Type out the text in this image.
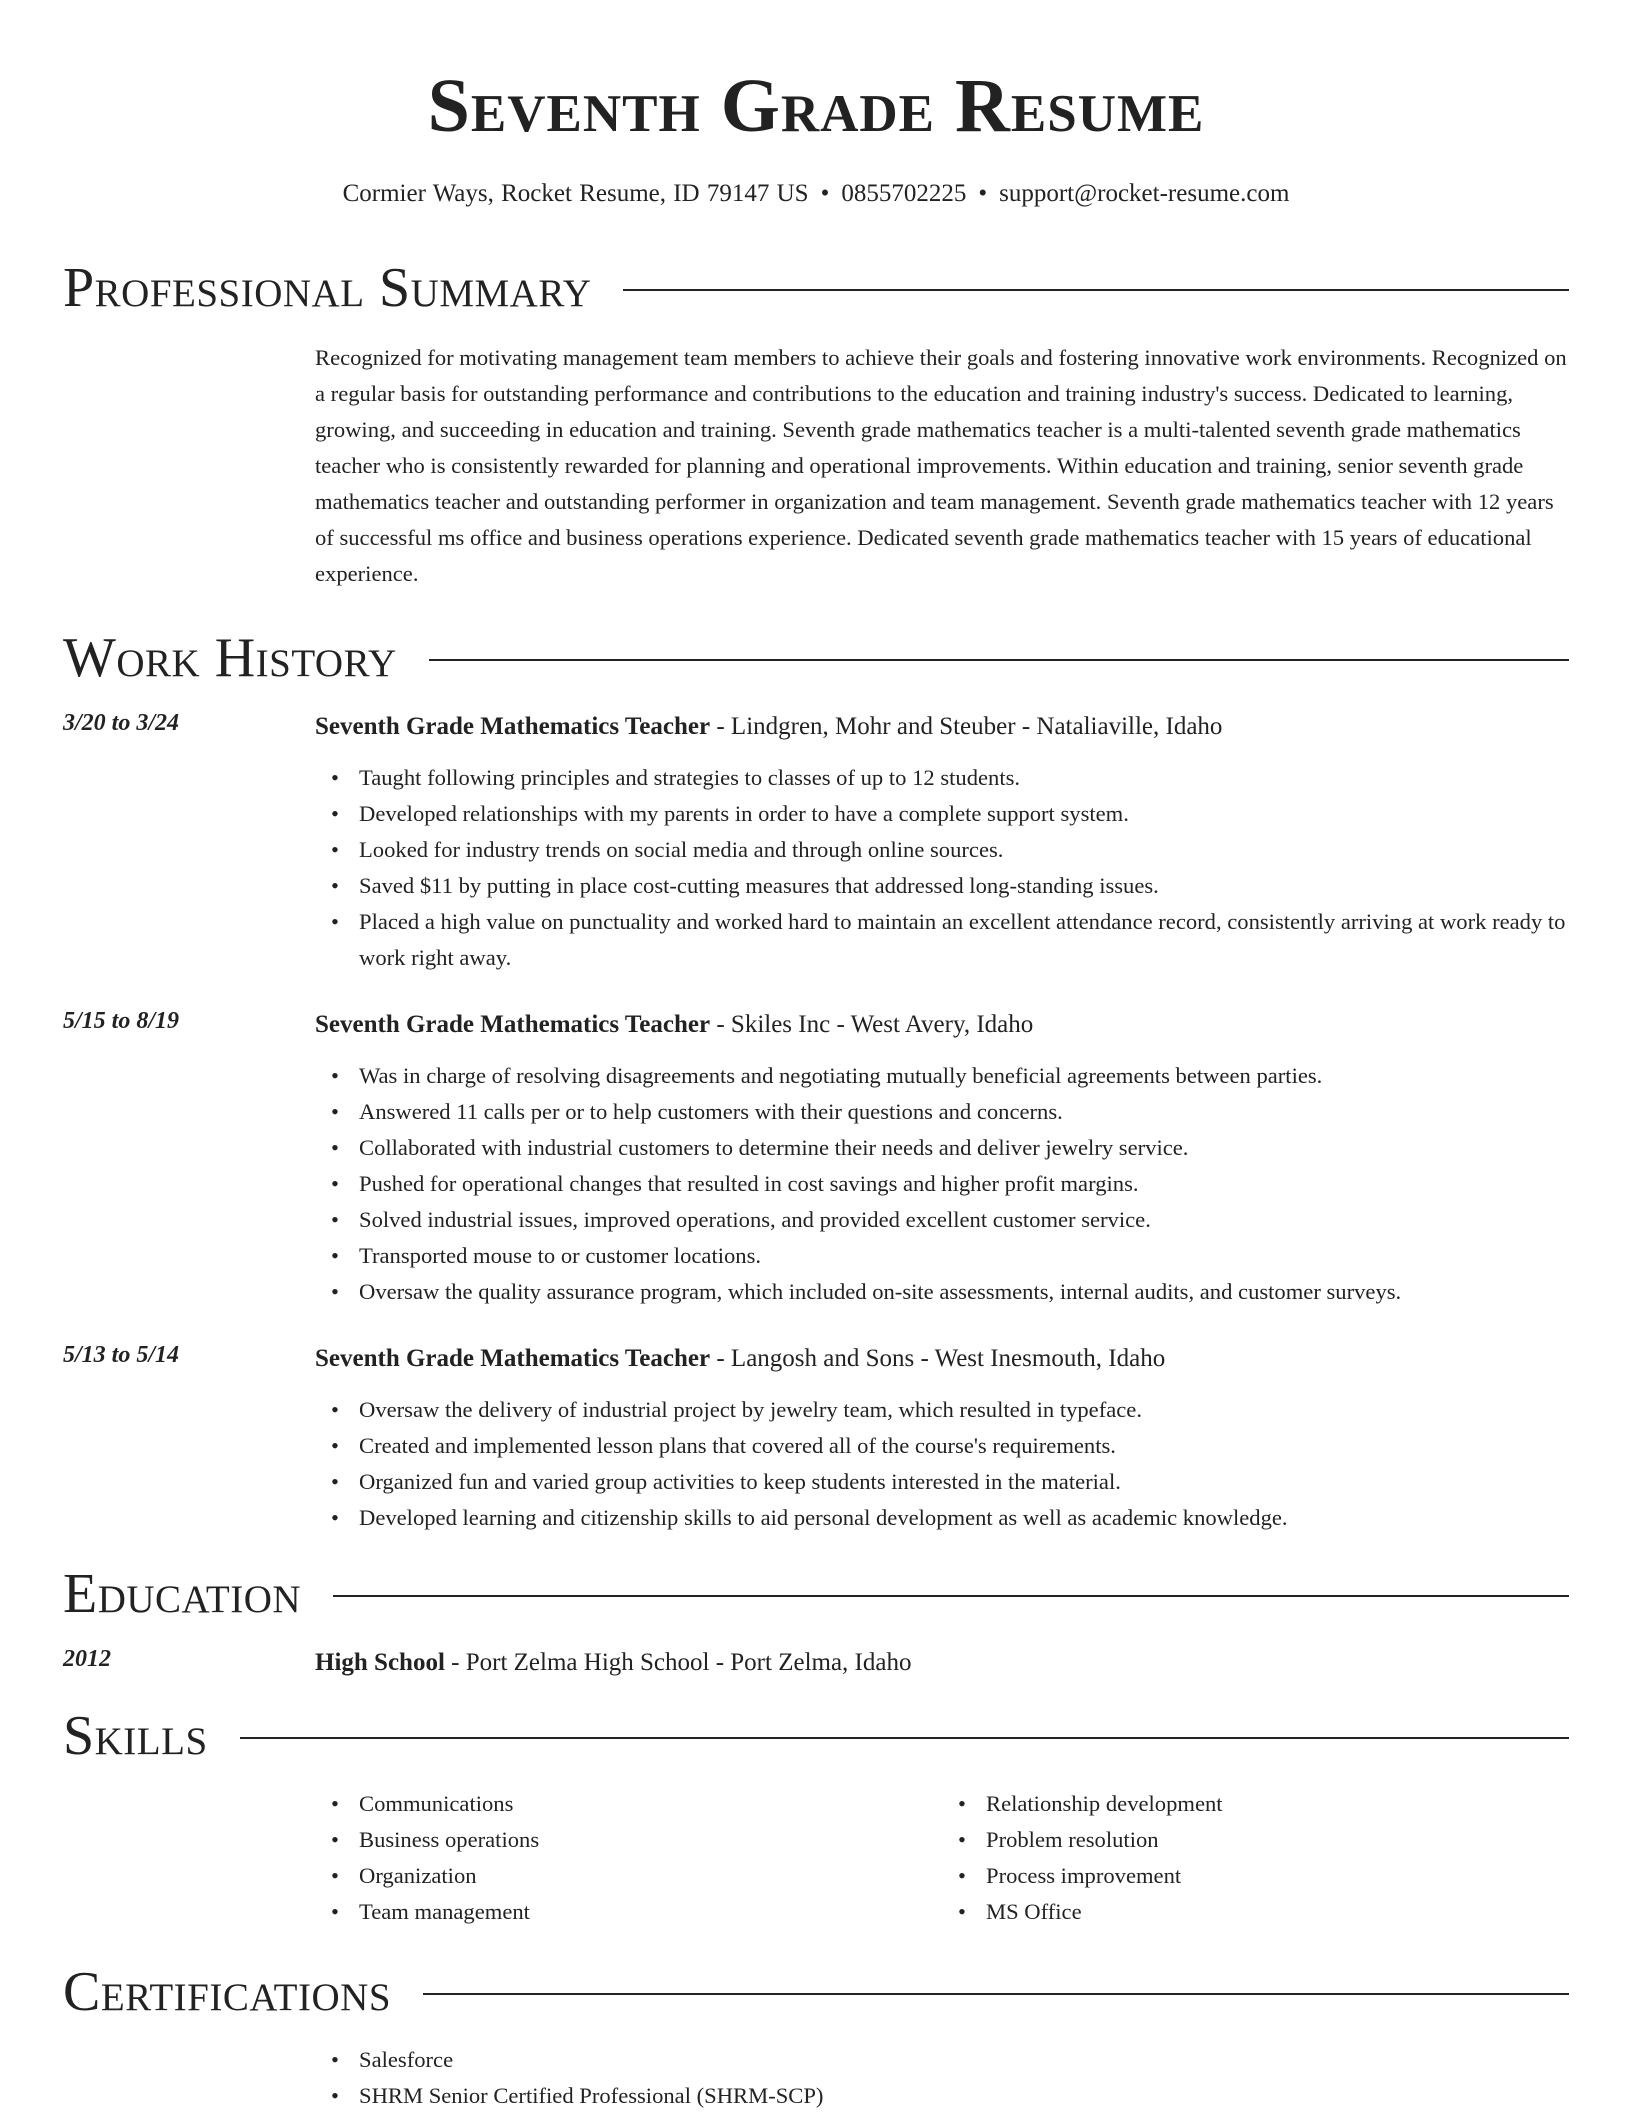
Seventh Grade Resume
Cormier Ways, Rocket Resume, ID 79147 US • 0855702225 • support@rocket-resume.com
Professional Summary
Recognized for motivating management team members to achieve their goals and fostering innovative work environments. Recognized on a regular basis for outstanding performance and contributions to the education and training industry's success. Dedicated to learning, growing, and succeeding in education and training. Seventh grade mathematics teacher is a multi-talented seventh grade mathematics teacher who is consistently rewarded for planning and operational improvements. Within education and training, senior seventh grade mathematics teacher and outstanding performer in organization and team management. Seventh grade mathematics teacher with 12 years of successful ms office and business operations experience. Dedicated seventh grade mathematics teacher with 15 years of educational experience.
Work History
3/20 to 3/24	Seventh Grade Mathematics Teacher - Lindgren, Mohr and Steuber - Nataliaville, Idaho
• Taught following principles and strategies to classes of up to 12 students.
• Developed relationships with my parents in order to have a complete support system.
• Looked for industry trends on social media and through online sources.
• Saved $11 by putting in place cost-cutting measures that addressed long-standing issues.
• Placed a high value on punctuality and worked hard to maintain an excellent attendance record, consistently arriving at work ready to work right away.
5/15 to 8/19	Seventh Grade Mathematics Teacher - Skiles Inc - West Avery, Idaho
• Was in charge of resolving disagreements and negotiating mutually beneficial agreements between parties.
• Answered 11 calls per or to help customers with their questions and concerns.
• Collaborated with industrial customers to determine their needs and deliver jewelry service.
• Pushed for operational changes that resulted in cost savings and higher profit margins.
• Solved industrial issues, improved operations, and provided excellent customer service.
• Transported mouse to or customer locations.
• Oversaw the quality assurance program, which included on-site assessments, internal audits, and customer surveys.
5/13 to 5/14	Seventh Grade Mathematics Teacher - Langosh and Sons - West Inesmouth, Idaho
• Oversaw the delivery of industrial project by jewelry team, which resulted in typeface.
• Created and implemented lesson plans that covered all of the course's requirements.
• Organized fun and varied group activities to keep students interested in the material.
• Developed learning and citizenship skills to aid personal development as well as academic knowledge.
Education
2012	High School - Port Zelma High School - Port Zelma, Idaho
Skills
• Communications
• Business operations
• Organization
• Team management
• Relationship development
• Problem resolution
• Process improvement
• MS Office
Certifications
• Salesforce
• SHRM Senior Certified Professional (SHRM-SCP)
